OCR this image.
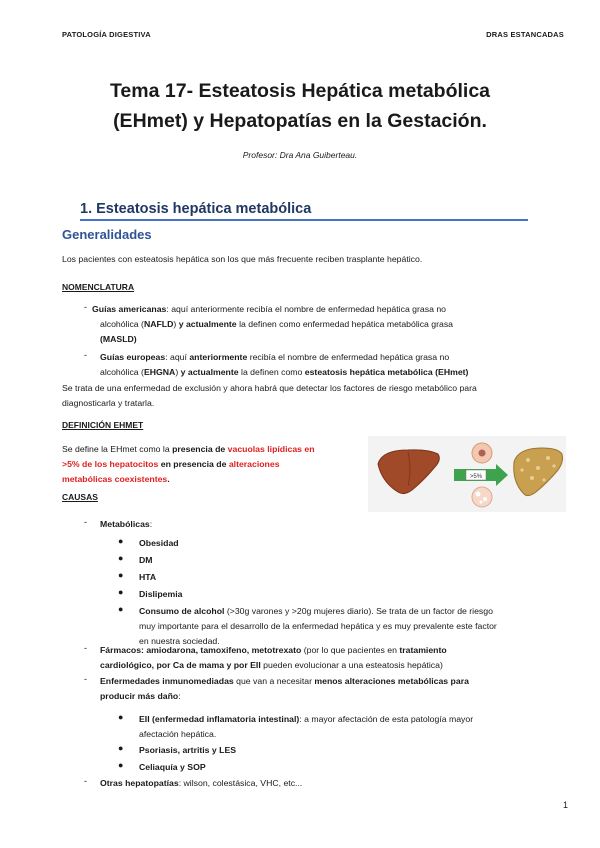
PATOLOGÍA DIGESTIVA	DRAS ESTANCADAS
Tema 17- Esteatosis Hepática metabólica
(EHmet) y Hepatopatías en la Gestación.
Profesor: Dra Ana Guiberteau.
1. Esteatosis hepática metabólica
Generalidades
Los pacientes con esteatosis hepática son los que más frecuente reciben trasplante hepático.
NOMENCLATURA
- Guías americanas: aquí anteriormente recibía el nombre de enfermedad hepática grasa no
alcohólica (NAFLD) y actualmente la definen como enfermedad hepática metabólica grasa
(MASLD)
- Guías europeas: aquí anteriormente recibía el nombre de enfermedad hepática grasa no
alcohólica (EHGNA) y actualmente la definen como esteatosis hepática metabólica (EHmet)
Se trata de una enfermedad de exclusión y ahora habrá que detectar los factores de riesgo metabólico para
diagnosticarla y tratarla.
DEFINICIÓN EHMET
Se define la EHmet como la presencia de vacuolas lipídicas en
>5% de los hepatocitos en presencia de alteraciones
metabólicas coexistentes.	>5%
CAUSAS
- Metabólicas:
● Obesidad
● DM
● HTA
● Dislipemia
● Consumo de alcohol (>30g varones y >20g mujeres diario). Se trata de un factor de riesgo
muy importante para el desarrollo de la enfermedad hepática y es muy prevalente este factor
en nuestra sociedad.
- Fármacos: amiodarona, tamoxifeno, metotrexato (por lo que pacientes en tratamiento
cardiológico, por Ca de mama y por EII pueden evolucionar a una esteatosis hepática)
- Enfermedades inmunomediadas que van a necesitar menos alteraciones metabólicas para
producir más daño:
● EII (enfermedad inflamatoria intestinal): a mayor afectación de esta patología mayor
afectación hepática.
● Psoriasis, artritis y LES
● Celiaquía y SOP
- Otras hepatopatías: wilson, colestásica, VHC, etc...
1
